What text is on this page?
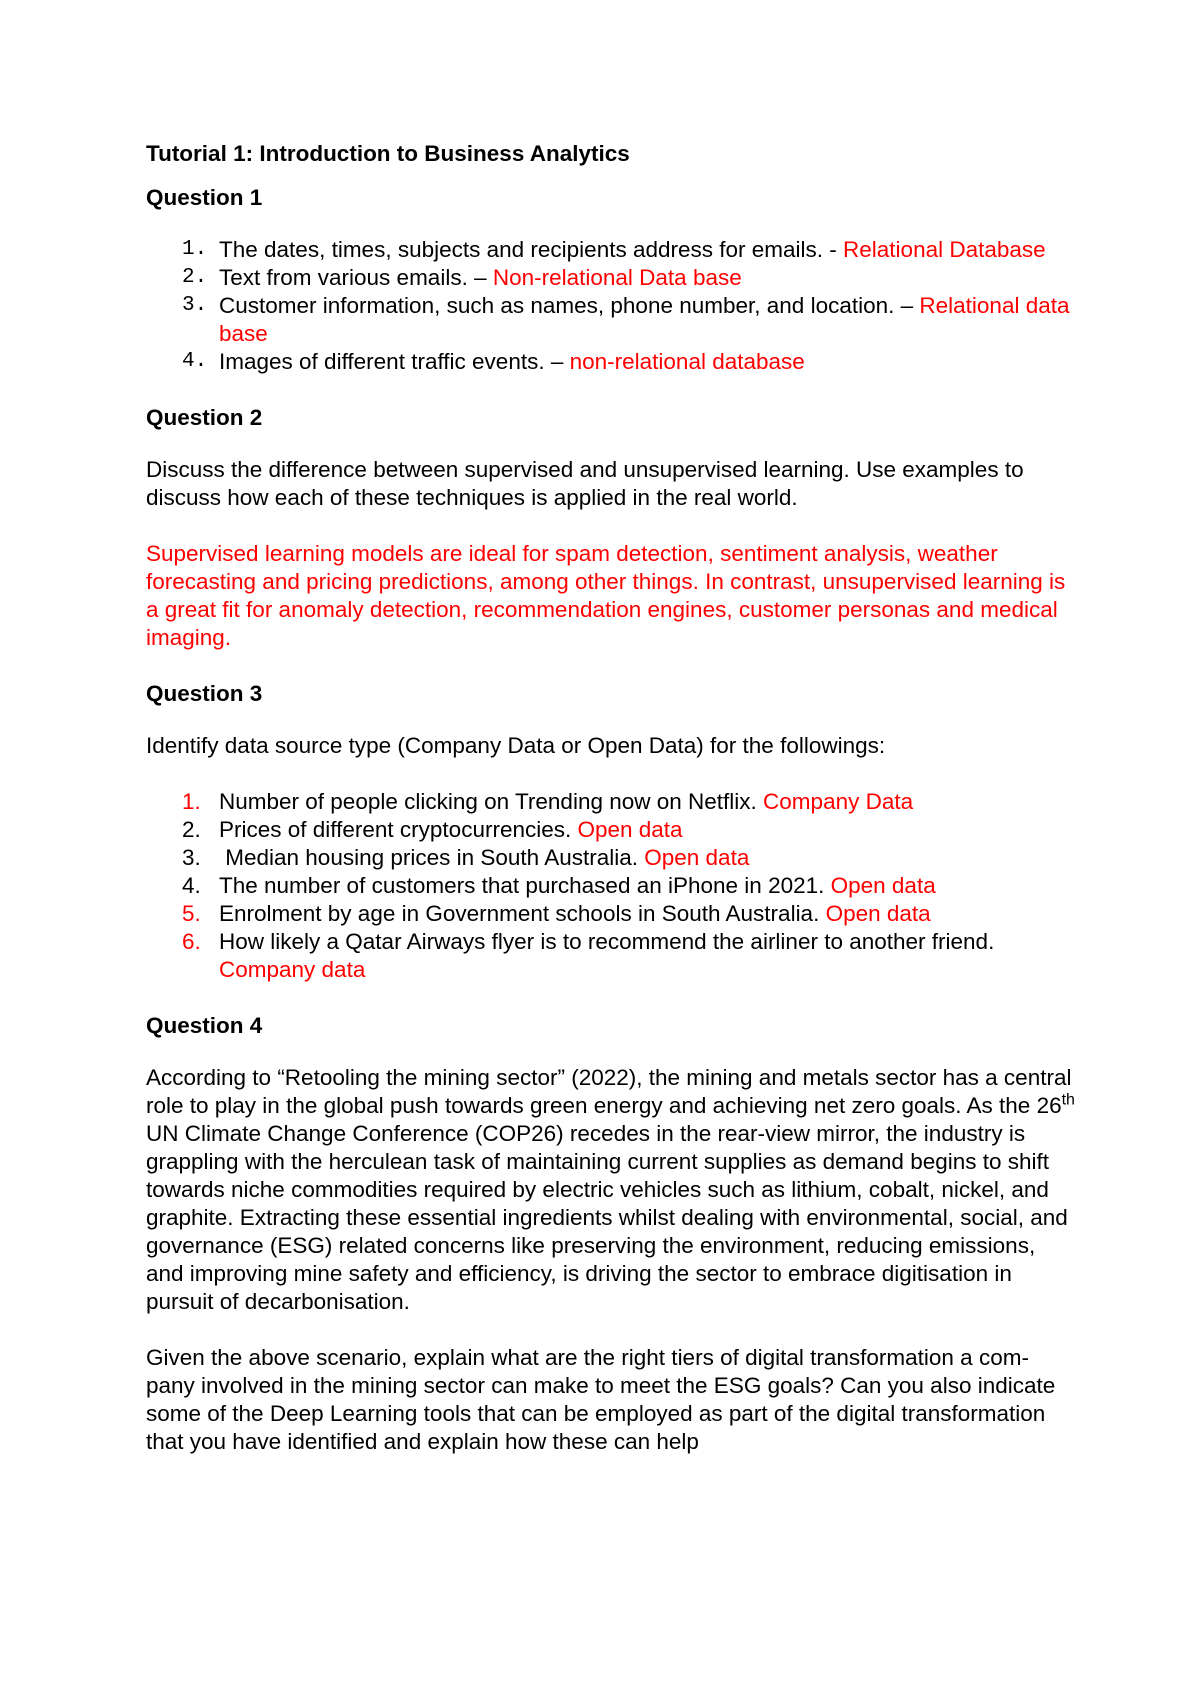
Tutorial 1: Introduction to Business Analytics
Question 1
1. The dates, times, subjects and recipients address for emails. - Relational Database
2. Text from various emails. – Non-relational Data base
3. Customer information, such as names, phone number, and location. – Relational data base
4. Images of different traffic events. – non-relational database
Question 2
Discuss the difference between supervised and unsupervised learning. Use examples to discuss how each of these techniques is applied in the real world.
Supervised learning models are ideal for spam detection, sentiment analysis, weather forecasting and pricing predictions, among other things. In contrast, unsupervised learning is a great fit for anomaly detection, recommendation engines, customer personas and medical imaging.
Question 3
Identify data source type (Company Data or Open Data) for the followings:
1. Number of people clicking on Trending now on Netflix. Company Data
2. Prices of different cryptocurrencies. Open data
3. Median housing prices in South Australia. Open data
4. The number of customers that purchased an iPhone in 2021. Open data
5. Enrolment by age in Government schools in South Australia. Open data
6. How likely a Qatar Airways flyer is to recommend the airliner to another friend. Company data
Question 4
According to “Retooling the mining sector” (2022), the mining and metals sector has a central role to play in the global push towards green energy and achieving net zero goals. As the 26th UN Climate Change Conference (COP26) recedes in the rear-view mirror, the industry is grappling with the herculean task of maintaining current supplies as demand begins to shift towards niche commodities required by electric vehicles such as lithium, cobalt, nickel, and graphite. Extracting these essential ingredients whilst dealing with environmental, social, and governance (ESG) related concerns like preserving the environment, reducing emissions, and improving mine safety and efficiency, is driving the sector to embrace digitisation in pursuit of decarbonisation.
Given the above scenario, explain what are the right tiers of digital transformation a com- pany involved in the mining sector can make to meet the ESG goals? Can you also indicate some of the Deep Learning tools that can be employed as part of the digital transformation that you have identified and explain how these can help
